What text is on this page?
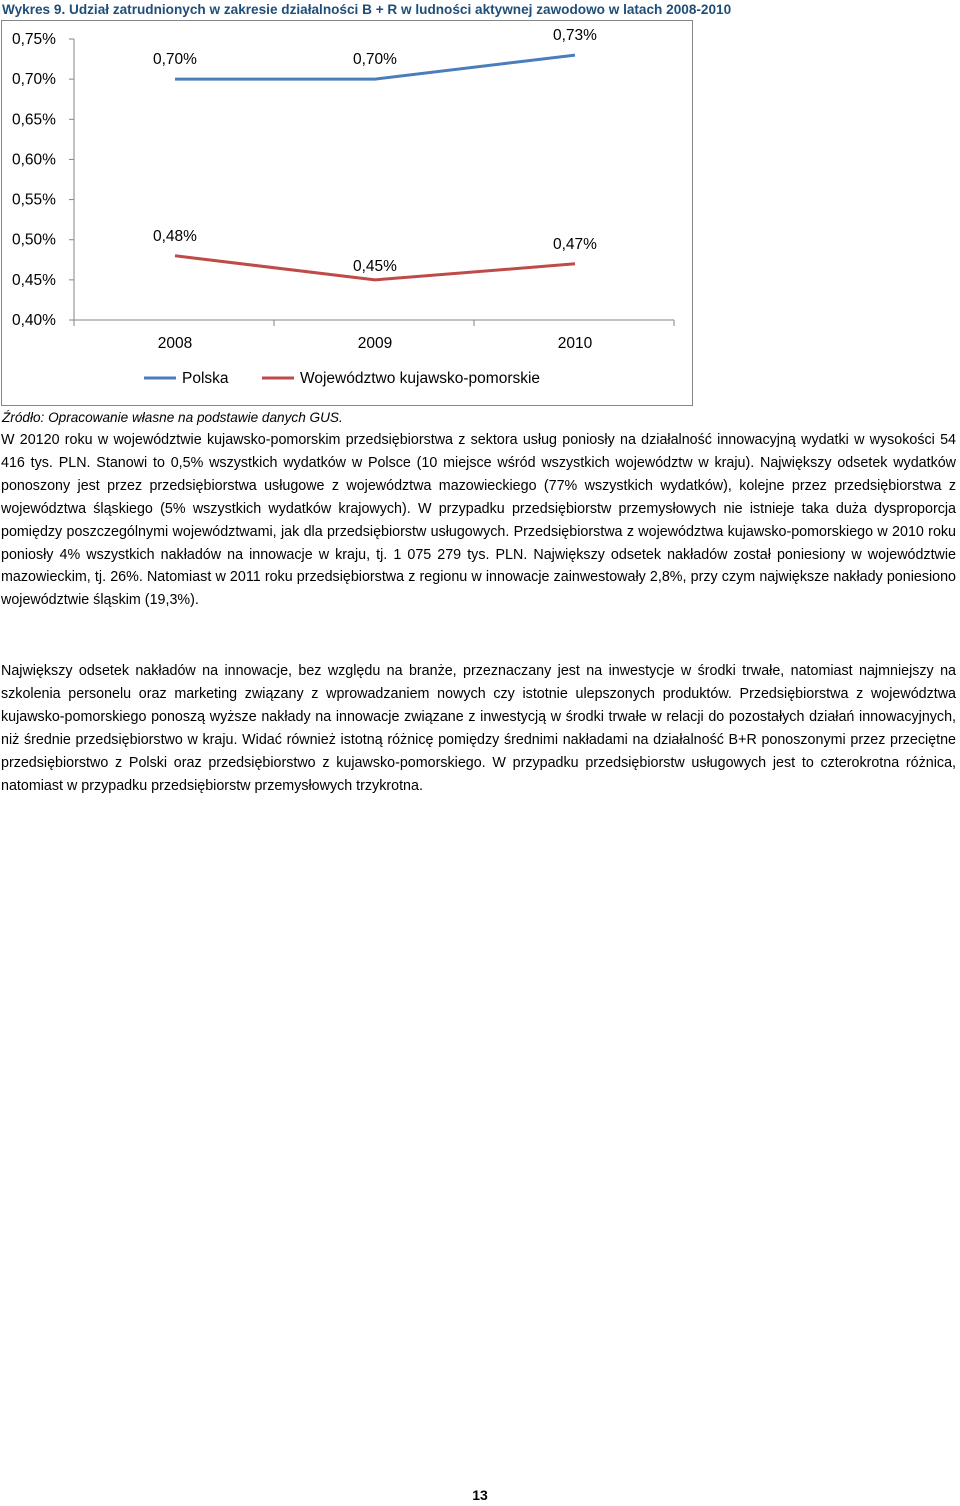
Wykres 9. Udział zatrudnionych w zakresie działalności B + R w ludności aktywnej zawodowo w latach 2008-2010
0,75%
0,70%
0,65%
0,60%
0,55%
0,50%
0,45%
0,40%
2008	2009	2010
0,70%	0,70%
0,73%
0,48%
0,45%
0,47%
Polska	Województwo kujawsko-pomorskie

Źródło: Opracowanie własne na podstawie danych GUS.

W 20120 roku w województwie kujawsko-pomorskim przedsiębiorstwa z sektora usług poniosły na działalność innowacyjną wydatki w wysokości 54 416 tys. PLN. Stanowi to 0,5% wszystkich wydatków w Polsce (10 miejsce wśród wszystkich województw w kraju). Największy odsetek wydatków ponoszony jest przez przedsiębiorstwa usługowe z województwa mazowieckiego (77% wszystkich wydatków), kolejne przez przedsiębiorstwa z województwa śląskiego (5% wszystkich wydatków krajowych). W przypadku przedsiębiorstw przemysłowych nie istnieje taka duża dysproporcja pomiędzy poszczególnymi województwami, jak dla przedsiębiorstw usługowych. Przedsiębiorstwa z województwa kujawsko-pomorskiego w 2010 roku poniosły 4% wszystkich nakładów na innowacje w kraju, tj. 1 075 279 tys. PLN. Największy odsetek nakładów został poniesiony w województwie mazowieckim, tj. 26%. Natomiast w 2011 roku przedsiębiorstwa z regionu w innowacje zainwestowały 2,8%, przy czym największe nakłady poniesiono województwie śląskim (19,3%).

Największy odsetek nakładów na innowacje, bez względu na branże, przeznaczany jest na inwestycje w środki trwałe, natomiast najmniejszy na szkolenia personelu oraz marketing związany z wprowadzaniem nowych czy istotnie ulepszonych produktów. Przedsiębiorstwa z województwa kujawsko-pomorskiego ponoszą wyższe nakłady na innowacje związane z inwestycją w środki trwałe w relacji do pozostałych działań innowacyjnych, niż średnie przedsiębiorstwo w kraju. Widać również istotną różnicę pomiędzy średnimi nakładami na działalność B+R ponoszonymi przez przeciętne przedsiębiorstwo z Polski oraz przedsiębiorstwo z kujawsko-pomorskiego. W przypadku przedsiębiorstw usługowych jest to czterokrotna różnica, natomiast w przypadku przedsiębiorstw przemysłowych trzykrotna.

13
